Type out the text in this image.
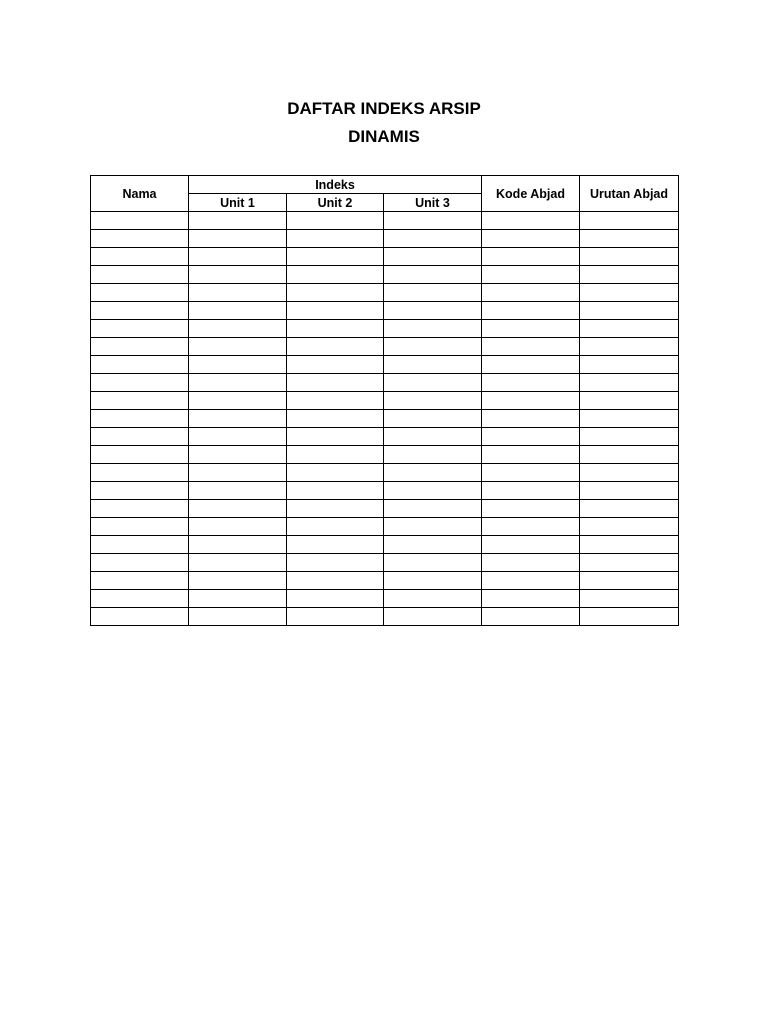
DAFTAR INDEKS ARSIP
DINAMIS
Nama	Indeks			Kode Abjad	Urutan Abjad
	Unit 1	Unit 2	Unit 3		
